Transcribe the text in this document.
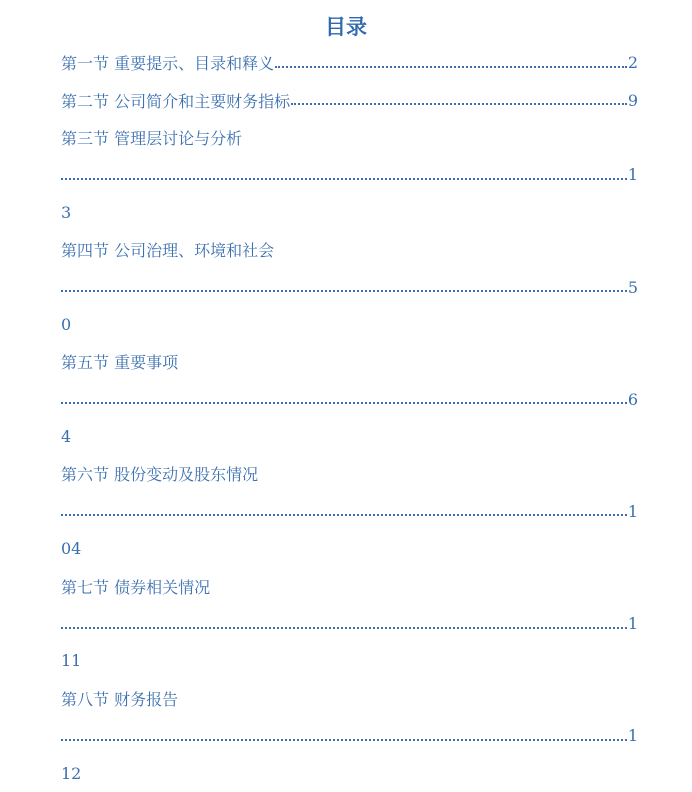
目录
第一节 重要提示、目录和释义	2
第二节 公司简介和主要财务指标	9
第三节 管理层讨论与分析
1
3
第四节 公司治理、环境和社会
5
0
第五节 重要事项
6
4
第六节 股份变动及股东情况
1
04
第七节 债券相关情况
1
11
第八节 财务报告
1
12
